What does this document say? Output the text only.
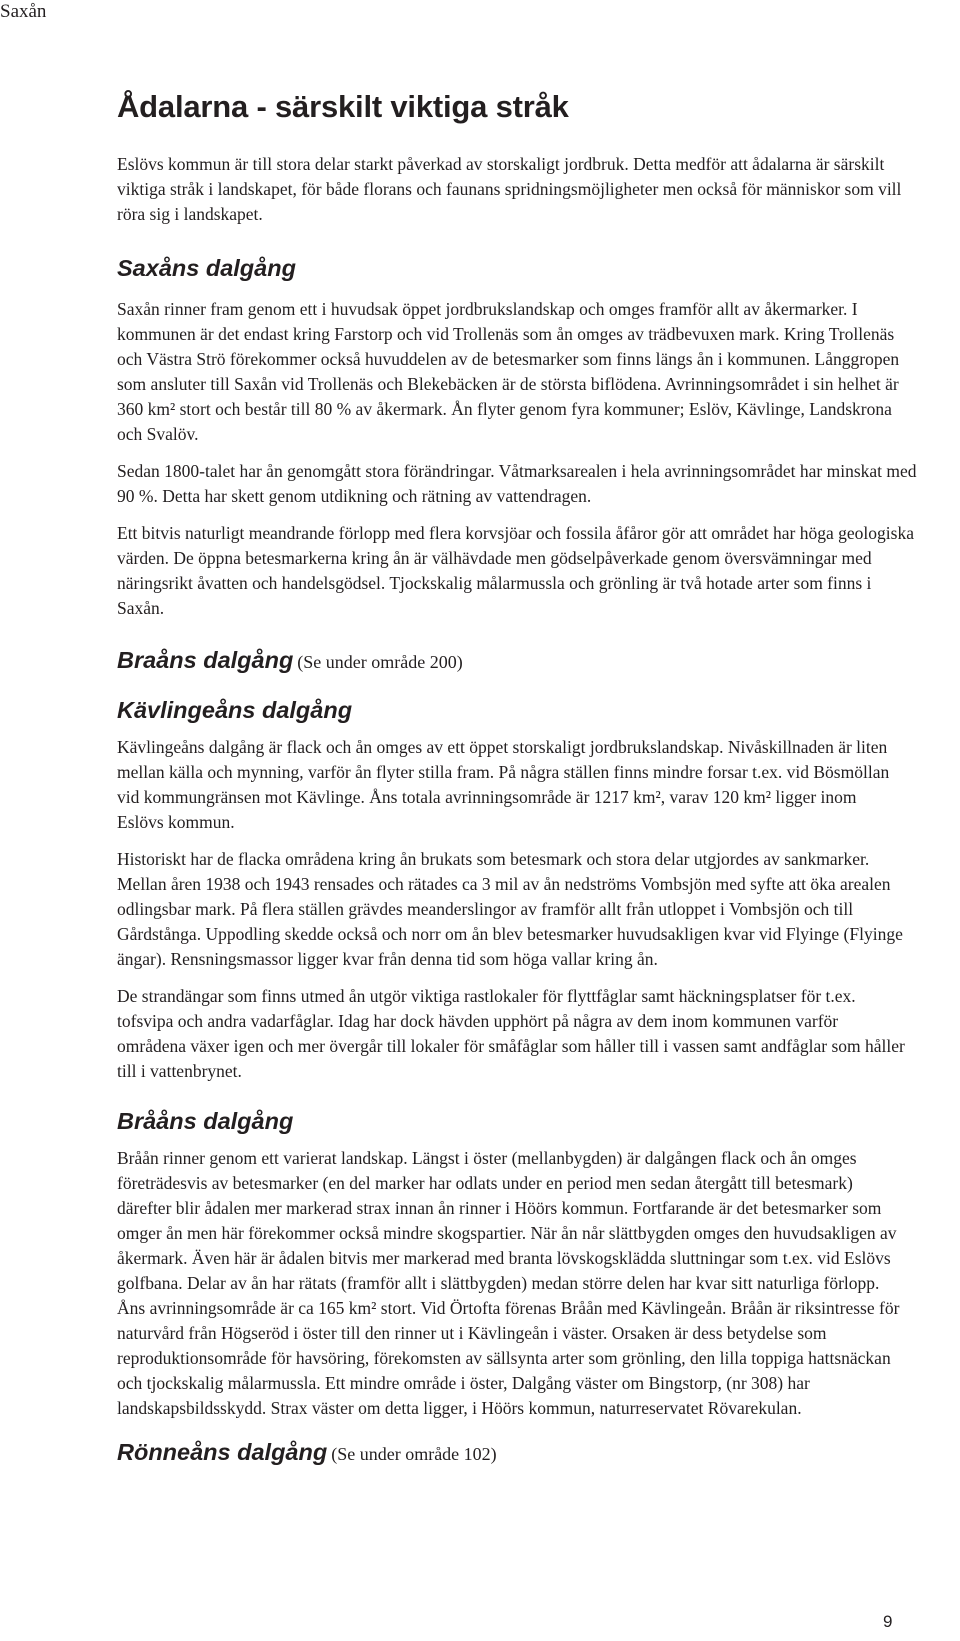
Saxån
Ådalarna - särskilt viktiga stråk

Eslövs kommun är till stora delar starkt påverkad av storskaligt jordbruk. Detta medför att ådalarna är särskilt viktiga stråk i landskapet, för både florans och faunans spridningsmöjligheter men också för människor som vill röra sig i landskapet.

Saxåns dalgång

Saxån rinner fram genom ett i huvudsak öppet jordbrukslandskap och omges framför allt av åkermarker. I kommunen är det endast kring Farstorp och vid Trollenäs som ån omges av trädbevuxen mark. Kring Trollenäs och Västra Strö förekommer också huvuddelen av de betesmarker som finns längs ån i kommunen. Långgropen som ansluter till Saxån vid Trollenäs och Blekebäcken är de största biflödena. Avrinningsområdet i sin helhet är 360 km² stort och består till 80 % av åkermark. Ån flyter genom fyra kommuner; Eslöv, Kävlinge, Landskrona och Svalöv.

Sedan 1800-talet har ån genomgått stora förändringar. Våtmarksarealen i hela avrinningsområdet har minskat med 90 %. Detta har skett genom utdikning och rätning av vattendragen.

Ett bitvis naturligt meandrande förlopp med flera korvsjöar och fossila åfåror gör att området har höga geologiska värden. De öppna betesmarkerna kring ån är välhävdade men gödselpåverkade genom översvämningar med näringsrikt åvatten och handelsgödsel. Tjockskalig målarmussla och grönling är två hotade arter som finns i Saxån.

Braåns dalgång (Se under område 200)
Kävlingeåns dalgång

Kävlingeåns dalgång är flack och ån omges av ett öppet storskaligt jordbrukslandskap. Nivåskillnaden är liten mellan källa och mynning, varför ån flyter stilla fram. På några ställen finns mindre forsar t.ex. vid Bösmöllan vid kommungränsen mot Kävlinge. Åns totala avrinningsområde är 1217 km², varav 120 km² ligger inom Eslövs kommun.

Historiskt har de flacka områdena kring ån brukats som betesmark och stora delar utgjordes av sankmarker. Mellan åren 1938 och 1943 rensades och rätades ca 3 mil av ån nedströms Vombsjön med syfte att öka arealen odlingsbar mark. På flera ställen grävdes meanderslingor av framför allt från utloppet i Vombsjön och till Gårdstånga. Uppodling skedde också och norr om ån blev betesmarker huvudsakligen kvar vid Flyinge (Flyinge ängar). Rensningsmassor ligger kvar från denna tid som höga vallar kring ån.

De strandängar som finns utmed ån utgör viktiga rastlokaler för flyttfåglar samt häckningsplatser för t.ex. tofsvipa och andra vadarfåglar. Idag har dock hävden upphört på några av dem inom kommunen varför områdena växer igen och mer övergår till lokaler för småfåglar som håller till i vassen samt andfåglar som håller till i vattenbrynet.

Brååns dalgång

Bråån rinner genom ett varierat landskap. Längst i öster (mellanbygden) är dalgången flack och ån omges företrädesvis av betesmarker (en del marker har odlats under en period men sedan återgått till betesmark) därefter blir ådalen mer markerad strax innan ån rinner i Höörs kommun. Fortfarande är det betesmarker som omger ån men här förekommer också mindre skogspartier. När ån når slättbygden omges den huvudsakligen av åkermark. Även här är ådalen bitvis mer markerad med branta lövskogsklädda sluttningar som t.ex. vid Eslövs golfbana. Delar av ån har rätats (framför allt i slättbygden) medan större delen har kvar sitt naturliga förlopp. Åns avrinningsområde är ca 165 km² stort. Vid Örtofta förenas Bråån med Kävlingeån. Bråån är riksintresse för naturvård från Högseröd i öster till den rinner ut i Kävlingeån i väster. Orsaken är dess betydelse som reproduktionsområde för havsöring, förekomsten av sällsynta arter som grönling, den lilla toppiga hattsnäckan och tjockskalig målarmussla. Ett mindre område i öster, Dalgång väster om Bingstorp, (nr 308) har landskapsbildsskydd. Strax väster om detta ligger, i Höörs kommun, naturreservatet Rövarekulan.

Rönneåns dalgång (Se under område 102)
9
